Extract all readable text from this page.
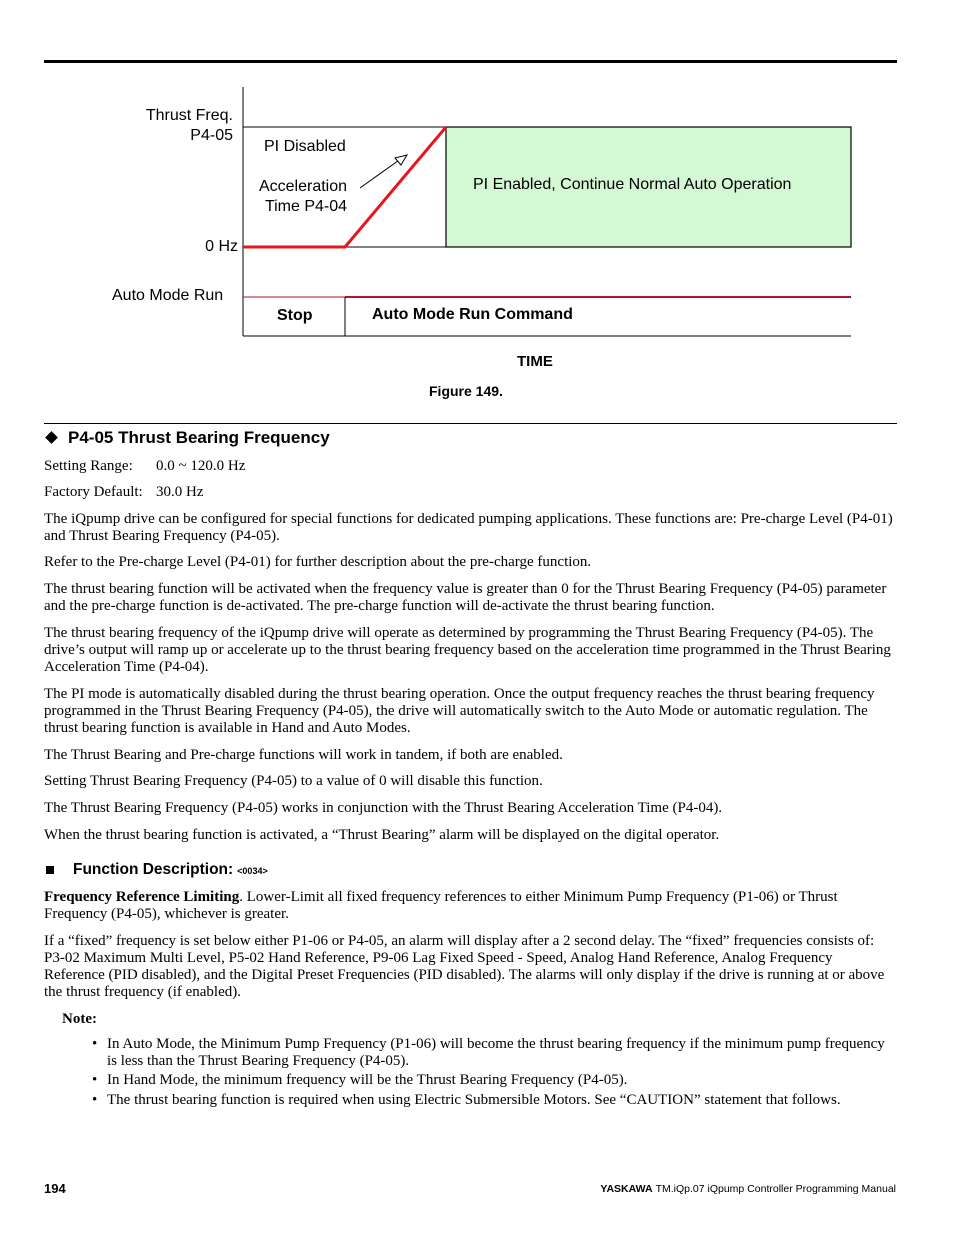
Thrust Freq.
P4-05
0 Hz
Auto Mode Run
PI Disabled
Acceleration
Time P4-04
PI Enabled, Continue Normal Auto Operation
Stop	Auto Mode Run Command
TIME
Figure 149.
P4-05 Thrust Bearing Frequency
Setting Range:	0.0 ~ 120.0 Hz
Factory Default: 30.0 Hz

The iQpump drive can be configured for special functions for dedicated pumping applications. These functions are: Pre-charge Level (P4-01) and Thrust Bearing Frequency (P4-05).

Refer to the Pre-charge Level (P4-01) for further description about the pre-charge function.

The thrust bearing function will be activated when the frequency value is greater than 0 for the Thrust Bearing Frequency (P4-05) parameter and the pre-charge function is de-activated. The pre-charge function will de-activate the thrust bearing function.

The thrust bearing frequency of the iQpump drive will operate as determined by programming the Thrust Bearing Frequency (P4-05). The drive’s output will ramp up or accelerate up to the thrust bearing frequency based on the acceleration time programmed in the Thrust Bearing Acceleration Time (P4-04).

The PI mode is automatically disabled during the thrust bearing operation. Once the output frequency reaches the thrust bearing frequency programmed in the Thrust Bearing Frequency (P4-05), the drive will automatically switch to the Auto Mode or automatic regulation. The thrust bearing function is available in Hand and Auto Modes.

The Thrust Bearing and Pre-charge functions will work in tandem, if both are enabled.

Setting Thrust Bearing Frequency (P4-05) to a value of 0 will disable this function.

The Thrust Bearing Frequency (P4-05) works in conjunction with the Thrust Bearing Acceleration Time (P4-04).

When the thrust bearing function is activated, a “Thrust Bearing” alarm will be displayed on the digital operator.

Function Description: <0034>

Frequency Reference Limiting. Lower-Limit all fixed frequency references to either Minimum Pump Frequency (P1-06) or Thrust Frequency (P4-05), whichever is greater.

If a “fixed” frequency is set below either P1-06 or P4-05, an alarm will display after a 2 second delay. The “fixed” frequencies consists of: P3-02 Maximum Multi Level, P5-02 Hand Reference, P9-06 Lag Fixed Speed - Speed, Analog Hand Reference, Analog Frequency Reference (PID disabled), and the Digital Preset Frequencies (PID disabled). The alarms will only display if the drive is running at or above the thrust frequency (if enabled).

Note:
• In Auto Mode, the Minimum Pump Frequency (P1-06) will become the thrust bearing frequency if the minimum pump frequency is less than the Thrust Bearing Frequency (P4-05).
• In Hand Mode, the minimum frequency will be the Thrust Bearing Frequency (P4-05).
• The thrust bearing function is required when using Electric Submersible Motors. See “CAUTION” statement that follows.
194	YASKAWA TM.iQp.07 iQpump Controller Programming Manual
